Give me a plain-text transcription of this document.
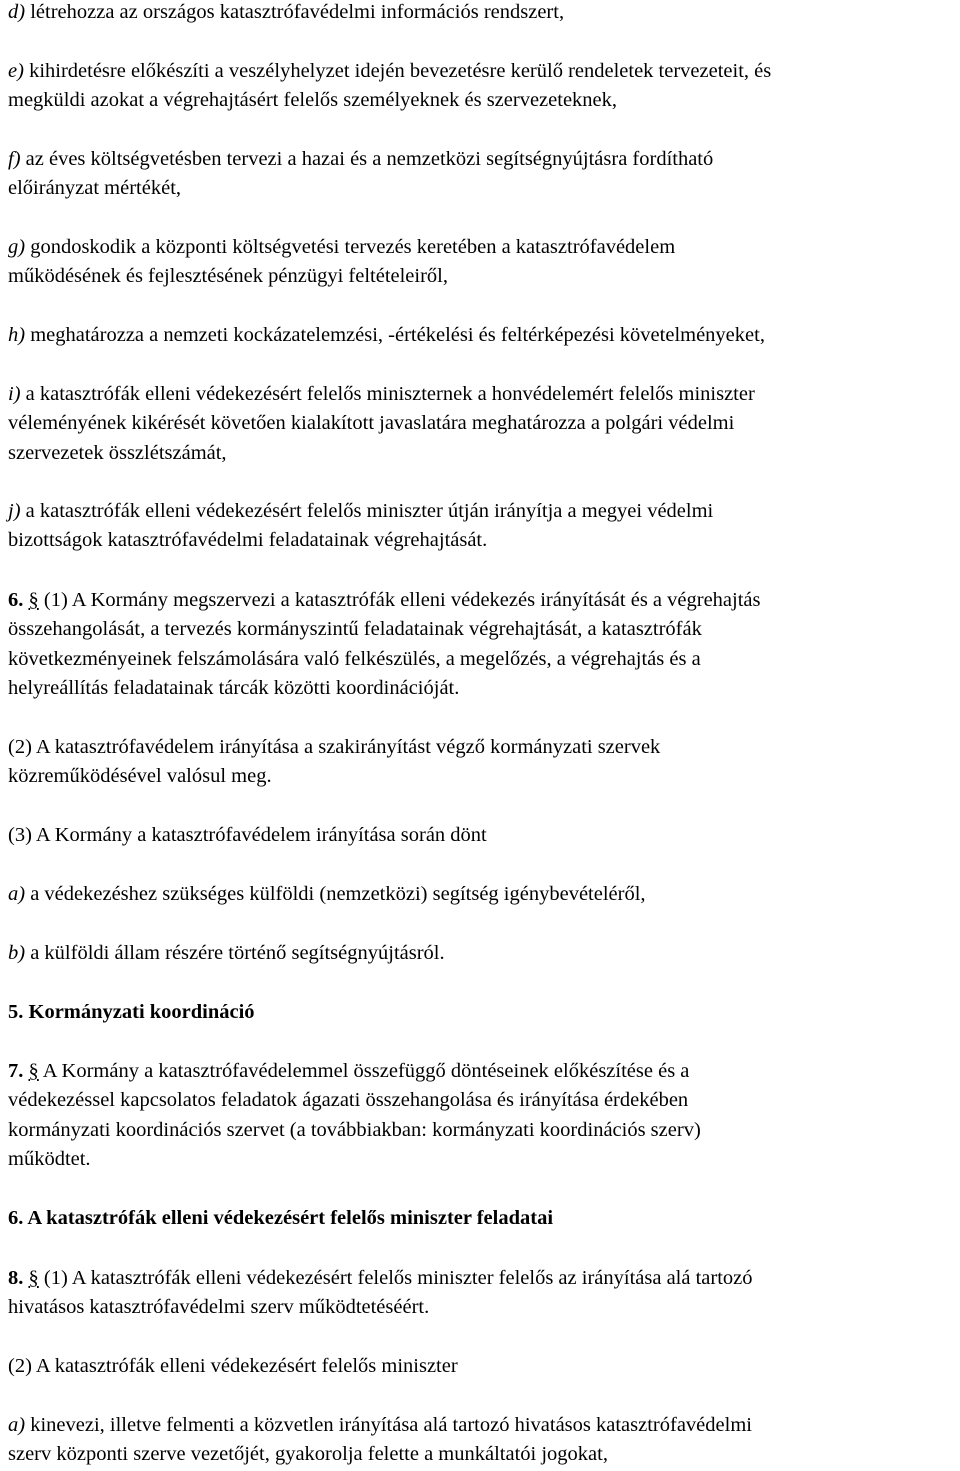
d) létrehozza az országos katasztrófavédelmi információs rendszert,

e) kihirdetésre előkészíti a veszélyhelyzet idején bevezetésre kerülő rendeletek tervezeteit, és
megküldi azokat a végrehajtásért felelős személyeknek és szervezeteknek,

f) az éves költségvetésben tervezi a hazai és a nemzetközi segítségnyújtásra fordítható
előirányzat mértékét,

g) gondoskodik a központi költségvetési tervezés keretében a katasztrófavédelem
működésének és fejlesztésének pénzügyi feltételeiről,

h) meghatározza a nemzeti kockázatelemzési, -értékelési és feltérképezési követelményeket,

i) a katasztrófák elleni védekezésért felelős miniszternek a honvédelemért felelős miniszter
véleményének kikérését követően kialakított javaslatára meghatározza a polgári védelmi
szervezetek összlétszámát,

j) a katasztrófák elleni védekezésért felelős miniszter útján irányítja a megyei védelmi
bizottságok katasztrófavédelmi feladatainak végrehajtását.

6. § (1) A Kormány megszervezi a katasztrófák elleni védekezés irányítását és a végrehajtás
összehangolását, a tervezés kormányszintű feladatainak végrehajtását, a katasztrófák
következményeinek felszámolására való felkészülés, a megelőzés, a végrehajtás és a
helyreállítás feladatainak tárcák közötti koordinációját.

(2) A katasztrófavédelem irányítása a szakirányítást végző kormányzati szervek
közreműködésével valósul meg.

(3) A Kormány a katasztrófavédelem irányítása során dönt

a) a védekezéshez szükséges külföldi (nemzetközi) segítség igénybevételéről,

b) a külföldi állam részére történő segítségnyújtásról.

5. Kormányzati koordináció

7. § A Kormány a katasztrófavédelemmel összefüggő döntéseinek előkészítése és a
védekezéssel kapcsolatos feladatok ágazati összehangolása és irányítása érdekében
kormányzati koordinációs szervet (a továbbiakban: kormányzati koordinációs szerv)
működtet.

6. A katasztrófák elleni védekezésért felelős miniszter feladatai

8. § (1) A katasztrófák elleni védekezésért felelős miniszter felelős az irányítása alá tartozó
hivatásos katasztrófavédelmi szerv működtetéséért.

(2) A katasztrófák elleni védekezésért felelős miniszter

a) kinevezi, illetve felmenti a közvetlen irányítása alá tartozó hivatásos katasztrófavédelmi
szerv központi szerve vezetőjét, gyakorolja felette a munkáltatói jogokat,
